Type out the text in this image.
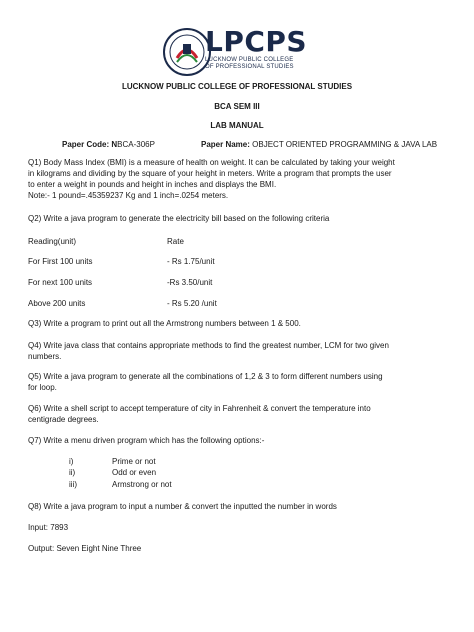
LPCPS
LUCKNOW PUBLIC COLLEGE
OF PROFESSIONAL STUDIES
LUCKNOW PUBLIC COLLEGE OF PROFESSIONAL STUDIES
BCA SEM III
LAB MANUAL
Paper Code: NBCA-306P	Paper Name: OBJECT ORIENTED PROGRAMMING & JAVA LAB
Q1) Body Mass Index (BMI) is a measure of health on weight. It can be calculated by taking your weight
in kilograms and dividing by the square of your height in meters. Write a program that prompts the user
to enter a weight in pounds and height in inches and displays the BMI.
Note:- 1 pound=.45359237 Kg and 1 inch=.0254 meters.
Q2) Write a java program to generate the electricity bill based on the following criteria
Reading(unit)	Rate
For First 100 units	- Rs 1.75/unit
For next 100 units	-Rs 3.50/unit
Above 200 units	- Rs 5.20 /unit
Q3) Write a program to print out all the Armstrong numbers between 1 & 500.
Q4) Write java class that contains appropriate methods to find the greatest number, LCM for two given
numbers.
Q5) Write a java program to generate all the combinations of 1,2 & 3 to form different numbers using
for loop.
Q6) Write a shell script to accept temperature of city in Fahrenheit & convert the temperature into
centigrade degrees.
Q7) Write a menu driven program which has the following options:-
i)	Prime or not
ii)	Odd or even
iii)	Armstrong or not
Q8) Write a java program to input a number & convert the inputted the number in words
Input: 7893
Output: Seven Eight Nine Three
